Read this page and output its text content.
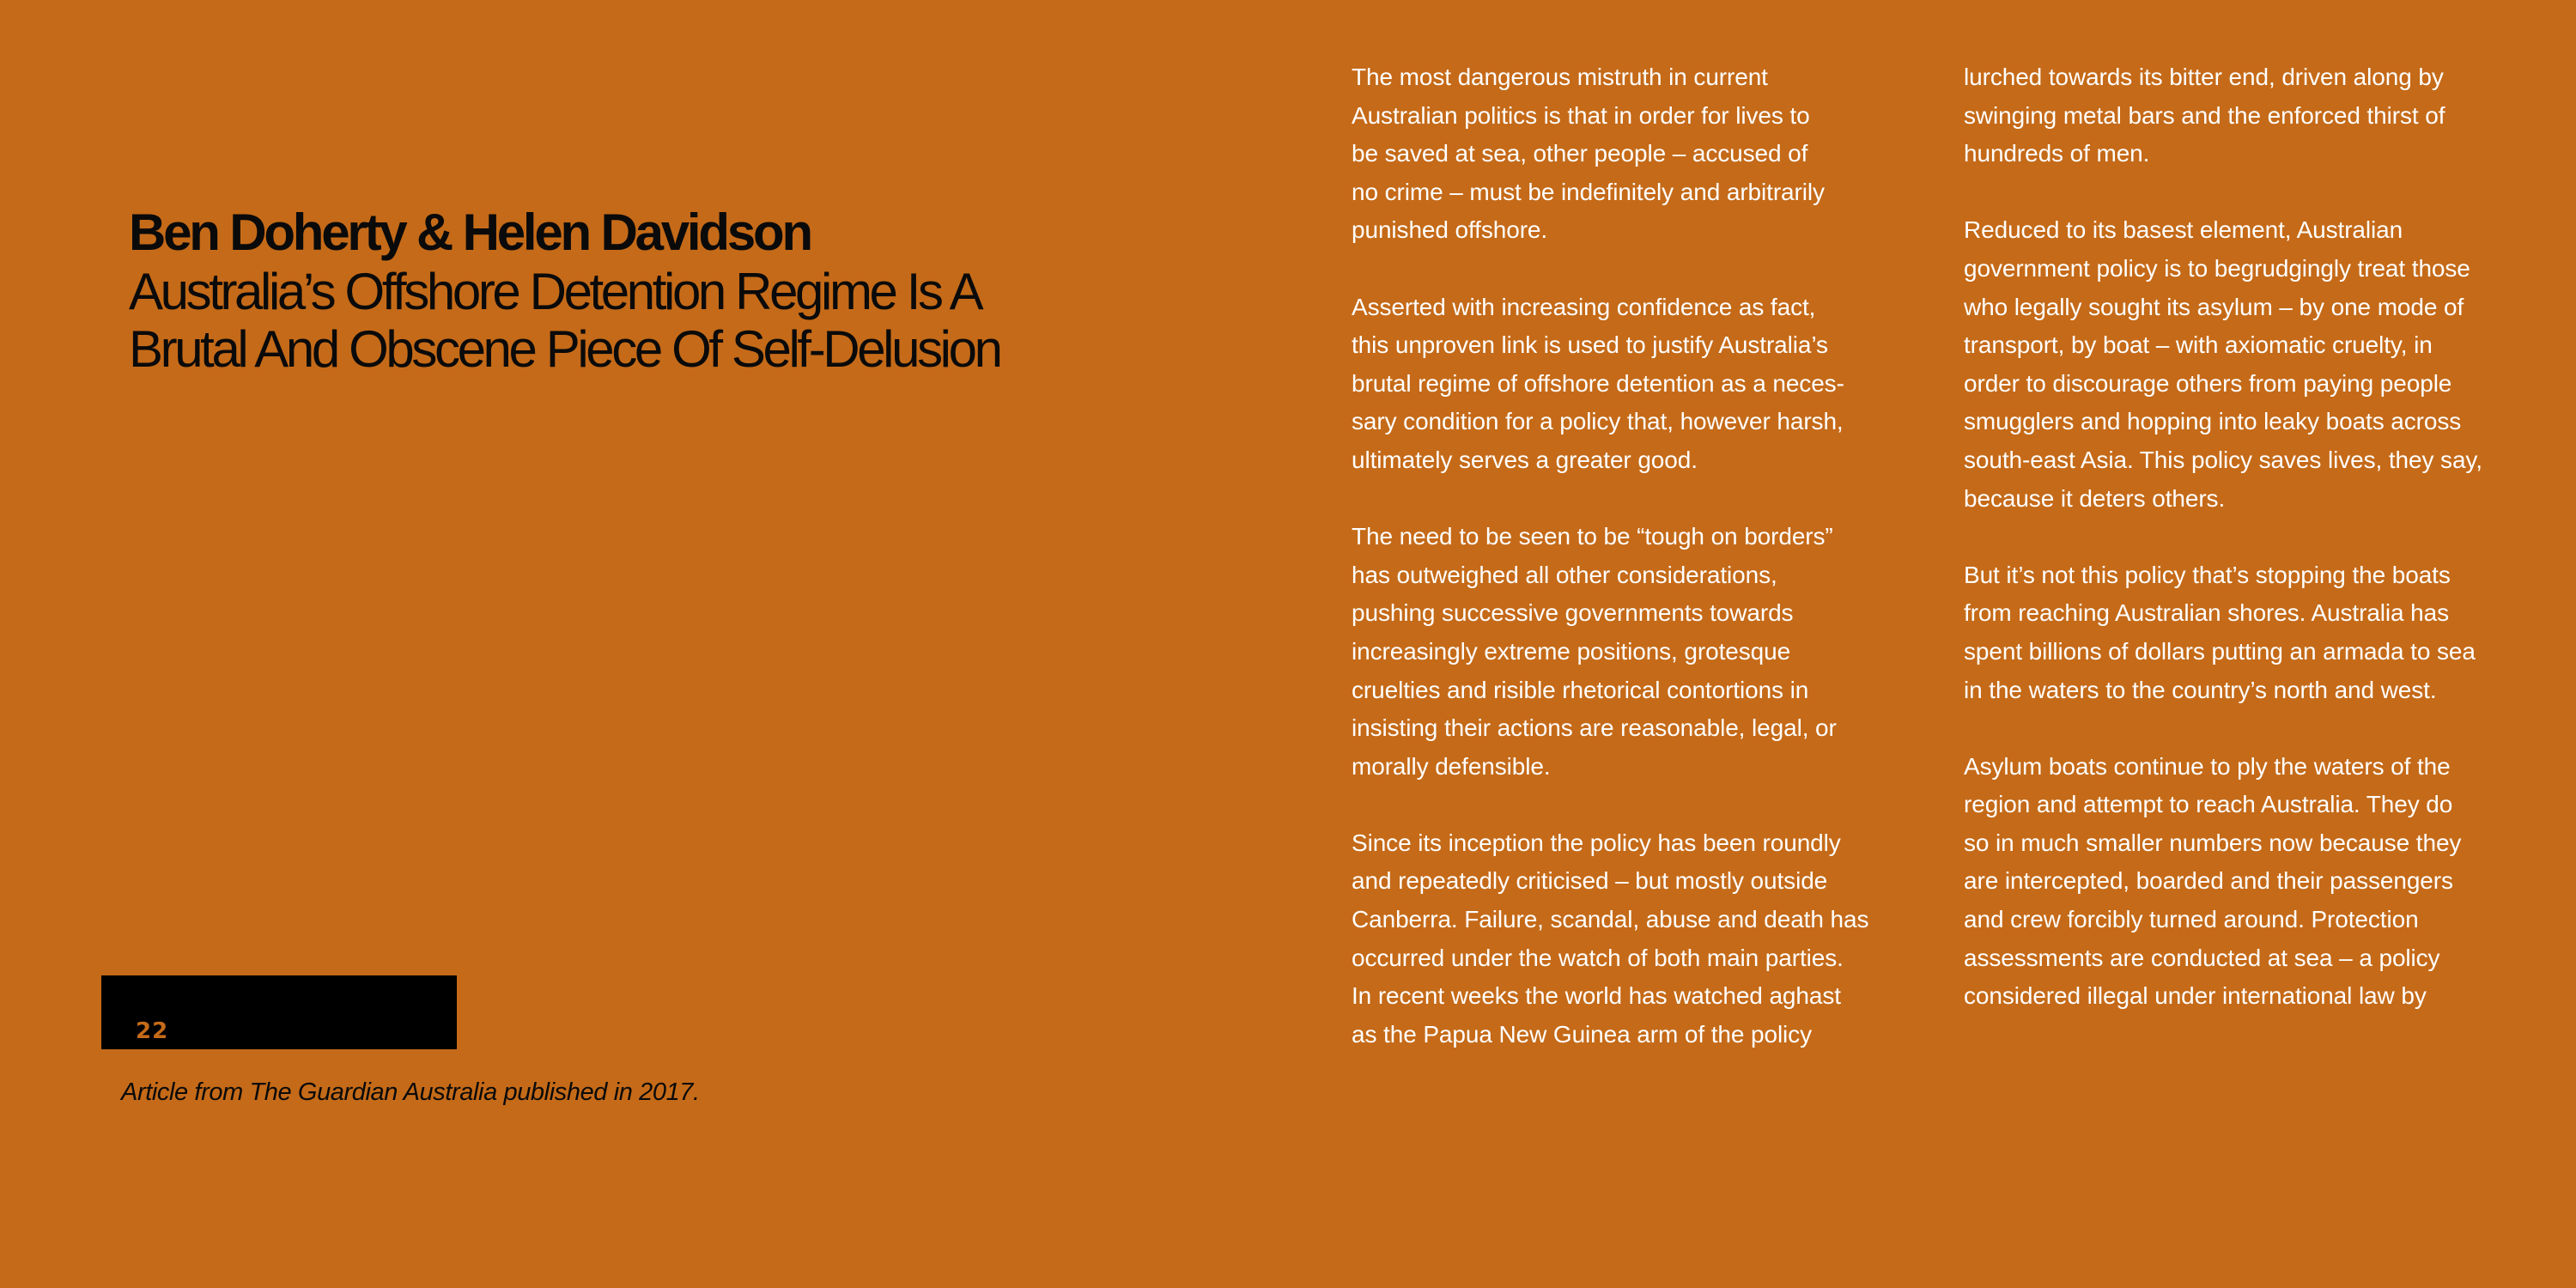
Ben Doherty & Helen Davidson
Australia’s Offshore Detention Regime Is A
Brutal And Obscene Piece Of Self-Delusion
22
Article from The Guardian Australia published in 2017.

The most dangerous mistruth in current
Australian politics is that in order for lives to
be saved at sea, other people – accused of
no crime – must be indefinitely and arbitrarily
punished offshore.

Asserted with increasing confidence as fact,
this unproven link is used to justify Australia’s
brutal regime of offshore detention as a neces-
sary condition for a policy that, however harsh,
ultimately serves a greater good.

The need to be seen to be “tough on borders”
has outweighed all other considerations,
pushing successive governments towards
increasingly extreme positions, grotesque
cruelties and risible rhetorical contortions in
insisting their actions are reasonable, legal, or
morally defensible.

Since its inception the policy has been roundly
and repeatedly criticised – but mostly outside
Canberra. Failure, scandal, abuse and death has
occurred under the watch of both main parties.
In recent weeks the world has watched aghast
as the Papua New Guinea arm of the policy

lurched towards its bitter end, driven along by
swinging metal bars and the enforced thirst of
hundreds of men.

Reduced to its basest element, Australian
government policy is to begrudgingly treat those
who legally sought its asylum – by one mode of
transport, by boat – with axiomatic cruelty, in
order to discourage others from paying people
smugglers and hopping into leaky boats across
south-east Asia. This policy saves lives, they say,
because it deters others.

But it’s not this policy that’s stopping the boats
from reaching Australian shores. Australia has
spent billions of dollars putting an armada to sea
in the waters to the country’s north and west.

Asylum boats continue to ply the waters of the
region and attempt to reach Australia. They do
so in much smaller numbers now because they
are intercepted, boarded and their passengers
and crew forcibly turned around. Protection
assessments are conducted at sea – a policy
considered illegal under international law by
